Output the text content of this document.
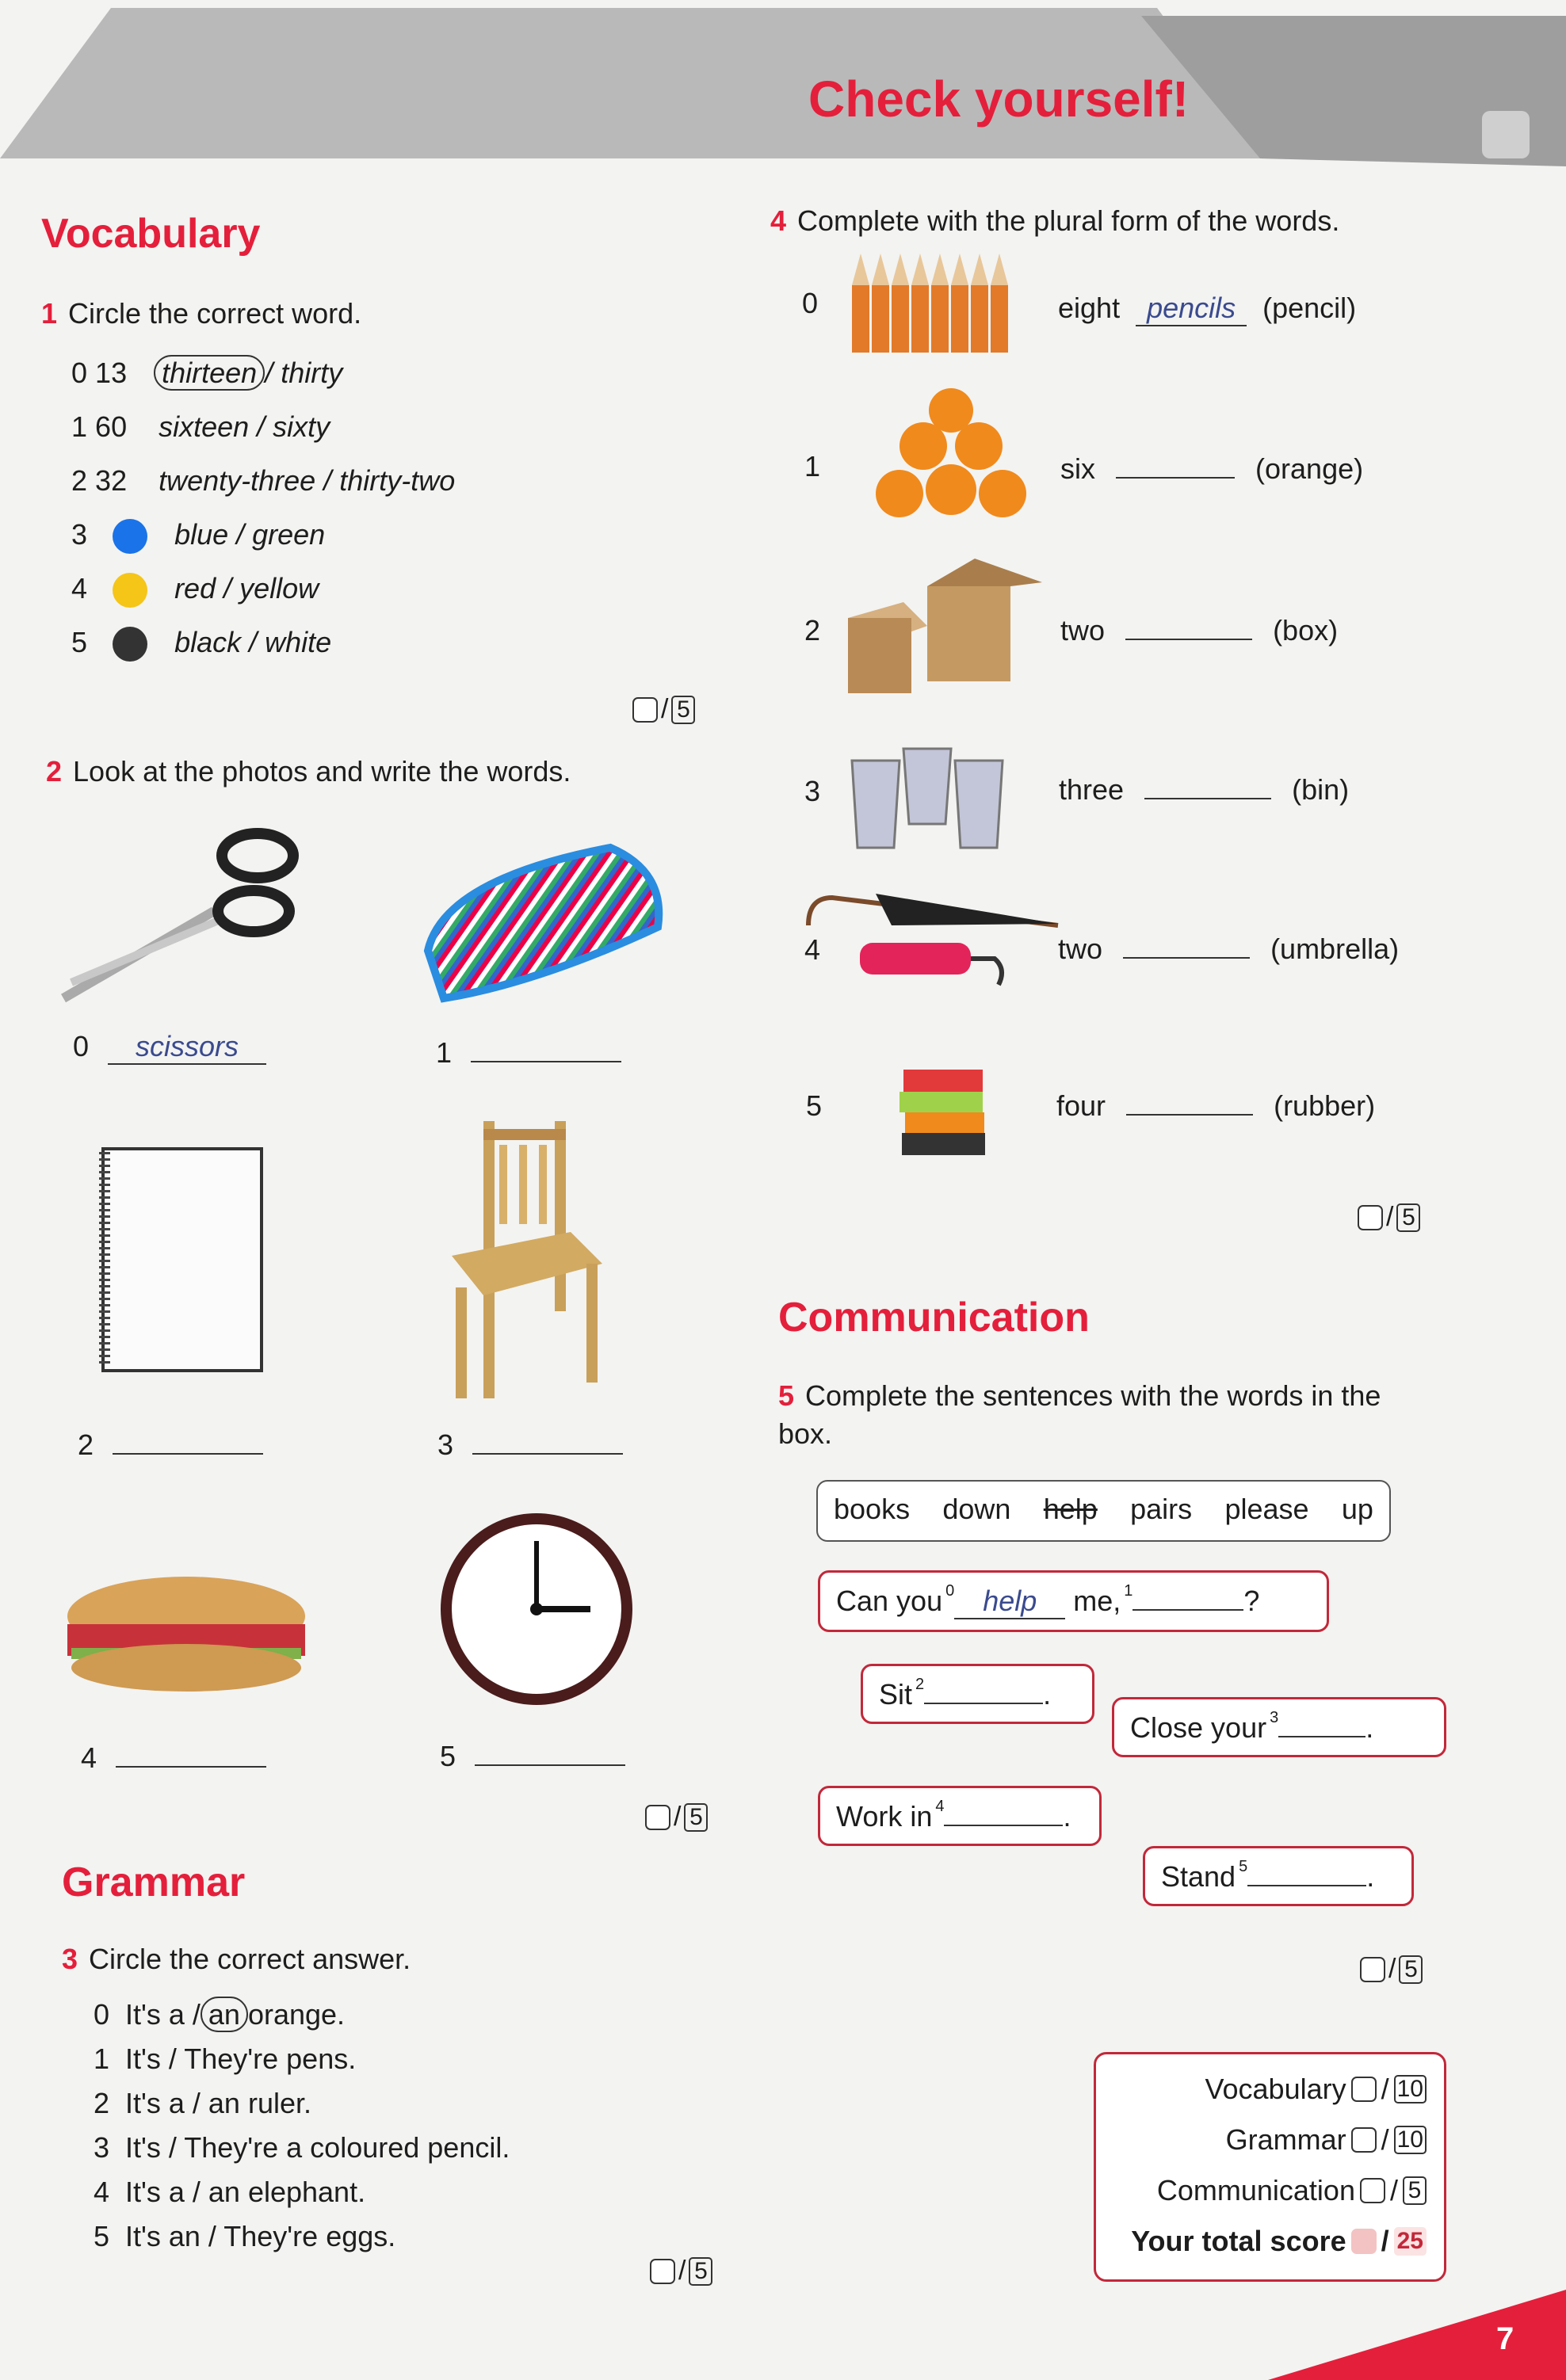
Check yourself!
Vocabulary
1 Circle the correct word.
0 13 thirteen / thirty
1 60 sixteen / sixty
2 32 twenty-three / thirty-two
3	blue / green
4	red / yellow
5	black / white
/ 5
2 Look at the photos and write the words.
0 scissors	1
2	3
4	5
/ 5
Grammar
3 Circle the correct answer.
0 It's a / an orange.
1 It's / They're pens.
2 It's a / an ruler.
3 It's / They're a coloured pencil.
4 It's a / an elephant.
5 It's an / They're eggs.
/ 5
4 Complete with the plural form of the words.
0	eight pencils (pencil)
1	six	(orange)
2	two	(box)
3	three	(bin)
4	two	(umbrella)
5	four	(rubber)
/ 5
Communication
5 Complete the sentences with the words in the box.
books down help pairs please up
Can you $^0$ help me, $^1$	?
Sit $^2$	.
Close your $^3$	.
Work in $^4$	.
Stand $^5$	.
/ 5
Vocabulary / 10
Grammar / 10
Communication / 5
Your total score / 25
7
